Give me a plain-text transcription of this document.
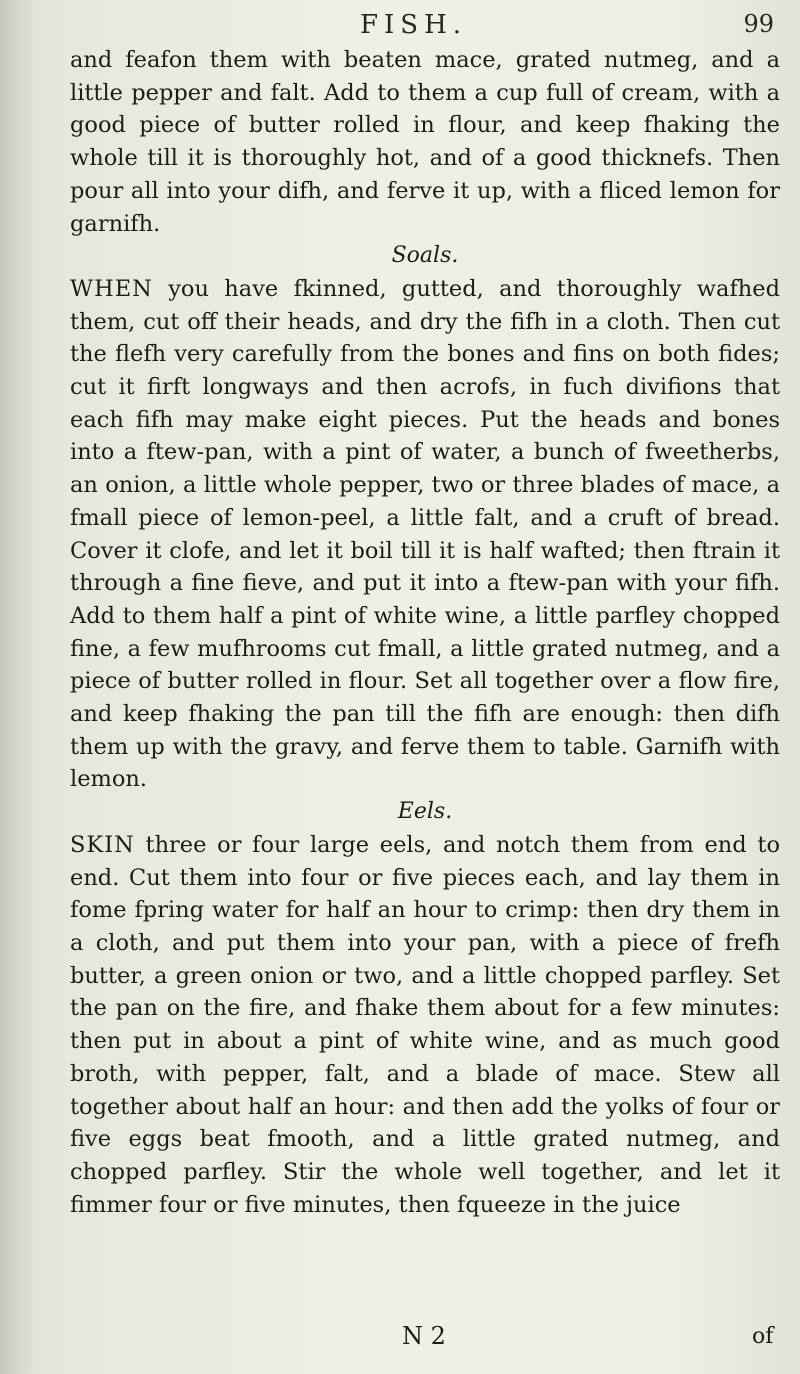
FISH.	99

and feafon them with beaten mace, grated nutmeg, and a little pepper and falt. Add to them a cup full of cream, with a good piece of butter rolled in flour, and keep fhaking the whole till it is thoroughly hot, and of a good thicknefs. Then pour all into your difh, and ferve it up, with a fliced lemon for garnifh.

Soals.

WHEN you have fkinned, gutted, and thoroughly wafhed them, cut off their heads, and dry the fifh in a cloth. Then cut the flefh very carefully from the bones and fins on both fides; cut it firft longways and then acrofs, in fuch divifions that each fifh may make eight pieces. Put the heads and bones into a ftew-pan, with a pint of water, a bunch of fweetherbs, an onion, a little whole pepper, two or three blades of mace, a fmall piece of lemon-peel, a little falt, and a cruft of bread. Cover it clofe, and let it boil till it is half wafted; then ftrain it through a fine fieve, and put it into a ftew-pan with your fifh. Add to them half a pint of white wine, a little parfley chopped fine, a few mufhrooms cut fmall, a little grated nutmeg, and a piece of butter rolled in flour. Set all together over a flow fire, and keep fhaking the pan till the fifh are enough: then difh them up with the gravy, and ferve them to table. Garnifh with lemon.

Eels.

SKIN three or four large eels, and notch them from end to end. Cut them into four or five pieces each, and lay them in fome fpring water for half an hour to crimp: then dry them in a cloth, and put them into your pan, with a piece of frefh butter, a green onion or two, and a little chopped parfley. Set the pan on the fire, and fhake them about for a few minutes: then put in about a pint of white wine, and as much good broth, with pepper, falt, and a blade of mace. Stew all together about half an hour: and then add the yolks of four or five eggs beat fmooth, and a little grated nutmeg, and chopped parfley. Stir the whole well together, and let it fimmer four or five minutes, then fqueeze in the juice

N 2	of
